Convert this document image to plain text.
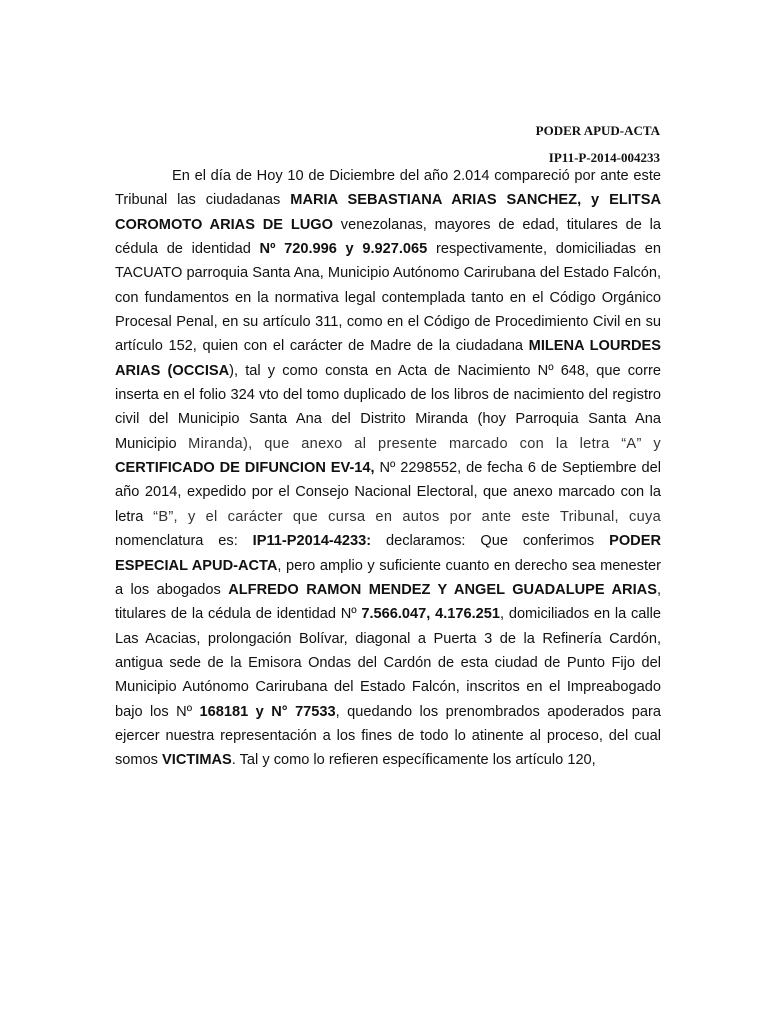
PODER APUD-ACTA
IP11-P-2014-004233

En el día de Hoy 10 de Diciembre del año 2.014 compareció por ante este Tribunal las ciudadanas MARIA SEBASTIANA ARIAS SANCHEZ, y ELITSA COROMOTO ARIAS DE LUGO venezolanas, mayores de edad, titulares de la cédula de identidad Nº 720.996 y 9.927.065 respectivamente, domiciliadas en TACUATO parroquia Santa Ana, Municipio Autónomo Carirubana del Estado Falcón, con fundamentos en la normativa legal contemplada tanto en el Código Orgánico Procesal Penal, en su artículo 311, como en el Código de Procedimiento Civil en su artículo 152, quien con el carácter de Madre de la ciudadana MILENA LOURDES ARIAS (OCCISA), tal y como consta en Acta de Nacimiento Nº 648, que corre inserta en el folio 324 vto del tomo duplicado de los libros de nacimiento del registro civil del Municipio Santa Ana del Distrito Miranda (hoy Parroquia Santa Ana Municipio Miranda), que anexo al presente marcado con la letra “A” y CERTIFICADO DE DIFUNCION EV-14, Nº 2298552, de fecha 6 de Septiembre del año 2014, expedido por el Consejo Nacional Electoral, que anexo marcado con la letra “B”, y el carácter que cursa en autos por ante este Tribunal, cuya nomenclatura es: IP11-P2014-4233: declaramos: Que conferimos PODER ESPECIAL APUD-ACTA, pero amplio y suficiente cuanto en derecho sea menester a los abogados ALFREDO RAMON MENDEZ Y ANGEL GUADALUPE ARIAS, titulares de la cédula de identidad Nº 7.566.047, 4.176.251, domiciliados en la calle Las Acacias, prolongación Bolívar, diagonal a Puerta 3 de la Refinería Cardón, antigua sede de la Emisora Ondas del Cardón de esta ciudad de Punto Fijo del Municipio Autónomo Carirubana del Estado Falcón, inscritos en el Impreabogado bajo los Nº 168181 y N° 77533, quedando los prenombrados apoderados para ejercer nuestra representación a los fines de todo lo atinente al proceso, del cual somos VICTIMAS. Tal y como lo refieren específicamente los artículo 120,
